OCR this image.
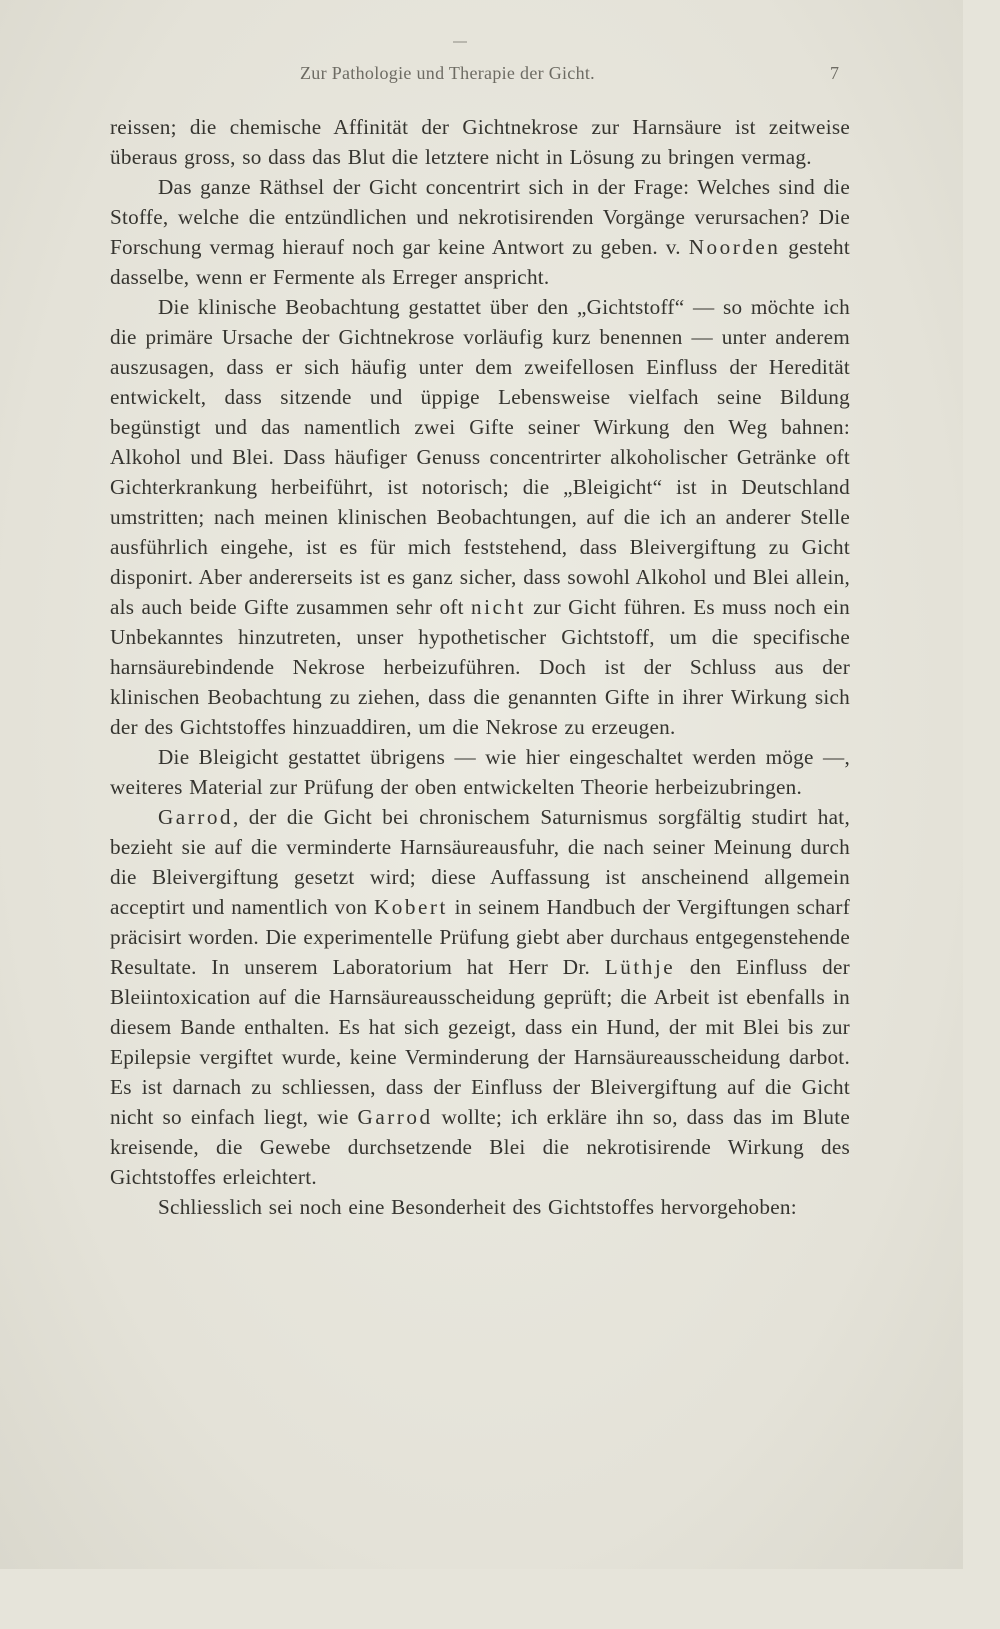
Zur Pathologie und Therapie der Gicht.	7

reissen; die chemische Affinität der Gichtnekrose zur Harnsäure ist zeitweise überaus gross, so dass das Blut die letztere nicht in Lösung zu bringen vermag.

Das ganze Räthsel der Gicht concentrirt sich in der Frage: Welches sind die Stoffe, welche die entzündlichen und nekrotisirenden Vorgänge verursachen? Die Forschung vermag hierauf noch gar keine Antwort zu geben. v. Noorden gesteht dasselbe, wenn er Fermente als Erreger anspricht.

Die klinische Beobachtung gestattet über den „Gichtstoff“ — so möchte ich die primäre Ursache der Gichtnekrose vorläufig kurz benennen — unter anderem auszusagen, dass er sich häufig unter dem zweifellosen Einfluss der Heredität entwickelt, dass sitzende und üppige Lebensweise vielfach seine Bildung begünstigt und das namentlich zwei Gifte seiner Wirkung den Weg bahnen: Alkohol und Blei. Dass häufiger Genuss concentrirter alkoholischer Getränke oft Gichterkrankung herbeiführt, ist notorisch; die „Bleigicht“ ist in Deutschland umstritten; nach meinen klinischen Beobachtungen, auf die ich an anderer Stelle ausführlich eingehe, ist es für mich feststehend, dass Bleivergiftung zu Gicht disponirt. Aber andererseits ist es ganz sicher, dass sowohl Alkohol und Blei allein, als auch beide Gifte zusammen sehr oft nicht zur Gicht führen. Es muss noch ein Unbekanntes hinzutreten, unser hypothetischer Gichtstoff, um die specifische harnsäurebindende Nekrose herbeizuführen. Doch ist der Schluss aus der klinischen Beobachtung zu ziehen, dass die genannten Gifte in ihrer Wirkung sich der des Gichtstoffes hinzuaddiren, um die Nekrose zu erzeugen.

Die Bleigicht gestattet übrigens — wie hier eingeschaltet werden möge —, weiteres Material zur Prüfung der oben entwickelten Theorie herbeizubringen.

Garrod, der die Gicht bei chronischem Saturnismus sorgfältig studirt hat, bezieht sie auf die verminderte Harnsäureausfuhr, die nach seiner Meinung durch die Bleivergiftung gesetzt wird; diese Auffassung ist anscheinend allgemein acceptirt und namentlich von Kobert in seinem Handbuch der Vergiftungen scharf präcisirt worden. Die experimentelle Prüfung giebt aber durchaus entgegenstehende Resultate. In unserem Laboratorium hat Herr Dr. Lüthje den Einfluss der Bleiintoxication auf die Harnsäureausscheidung geprüft; die Arbeit ist ebenfalls in diesem Bande enthalten. Es hat sich gezeigt, dass ein Hund, der mit Blei bis zur Epilepsie vergiftet wurde, keine Verminderung der Harnsäureausscheidung darbot. Es ist darnach zu schliessen, dass der Einfluss der Bleivergiftung auf die Gicht nicht so einfach liegt, wie Garrod wollte; ich erkläre ihn so, dass das im Blute kreisende, die Gewebe durchsetzende Blei die nekrotisirende Wirkung des Gichtstoffes erleichtert.

Schliesslich sei noch eine Besonderheit des Gichtstoffes hervorgehoben:
